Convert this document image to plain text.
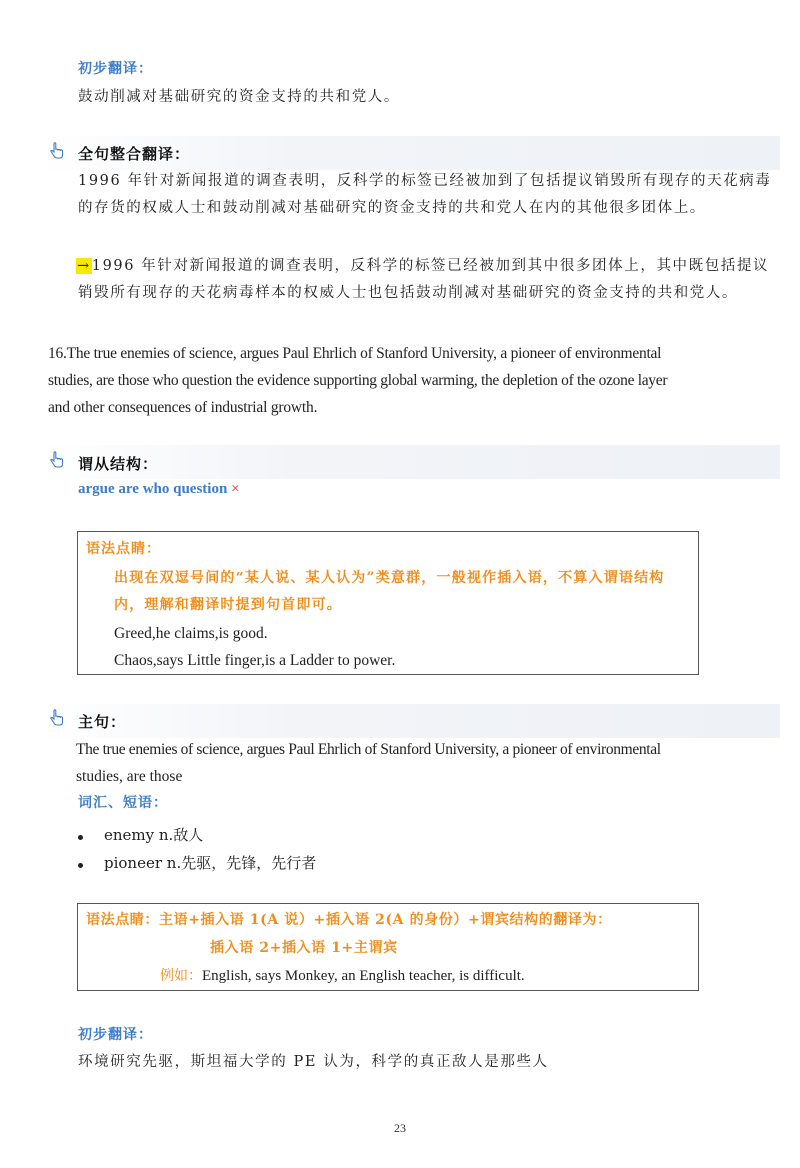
初步翻译：
鼓动削减对基础研究的资金支持的共和党人。
全句整合翻译：
1996 年针对新闻报道的调查表明，反科学的标签已经被加到了包括提议销毁所有现存的天花病毒
的存货的权威人士和鼓动削减对基础研究的资金支持的共和党人在内的其他很多团体上。
→1996 年针对新闻报道的调查表明，反科学的标签已经被加到其中很多团体上，其中既包括提议
销毁所有现存的天花病毒样本的权威人士也包括鼓动削减对基础研究的资金支持的共和党人。
16.The true enemies of science, argues Paul Ehrlich of Stanford University, a pioneer of environmental
studies, are those who question the evidence supporting global warming, the depletion of the ozone layer
and other consequences of industrial growth.
谓从结构：
argue are who question ×
语法点睛：
出现在双逗号间的“某人说、某人认为”类意群，一般视作插入语，不算入谓语结构
内，理解和翻译时提到句首即可。
Greed,he claims,is good.
Chaos,says Little finger,is a Ladder to power.
主句：
The true enemies of science, argues Paul Ehrlich of Stanford University, a pioneer of environmental
studies, are those
词汇、短语：
enemy n.敌人
pioneer n.先驱，先锋，先行者
语法点睛：主语+插入语 1(A 说）+插入语 2(A 的身份）+谓宾结构的翻译为：
插入语 2+插入语 1+主谓宾
例如：English, says Monkey, an English teacher, is difficult.
初步翻译：
环境研究先驱，斯坦福大学的 PE 认为，科学的真正敌人是那些人
23
